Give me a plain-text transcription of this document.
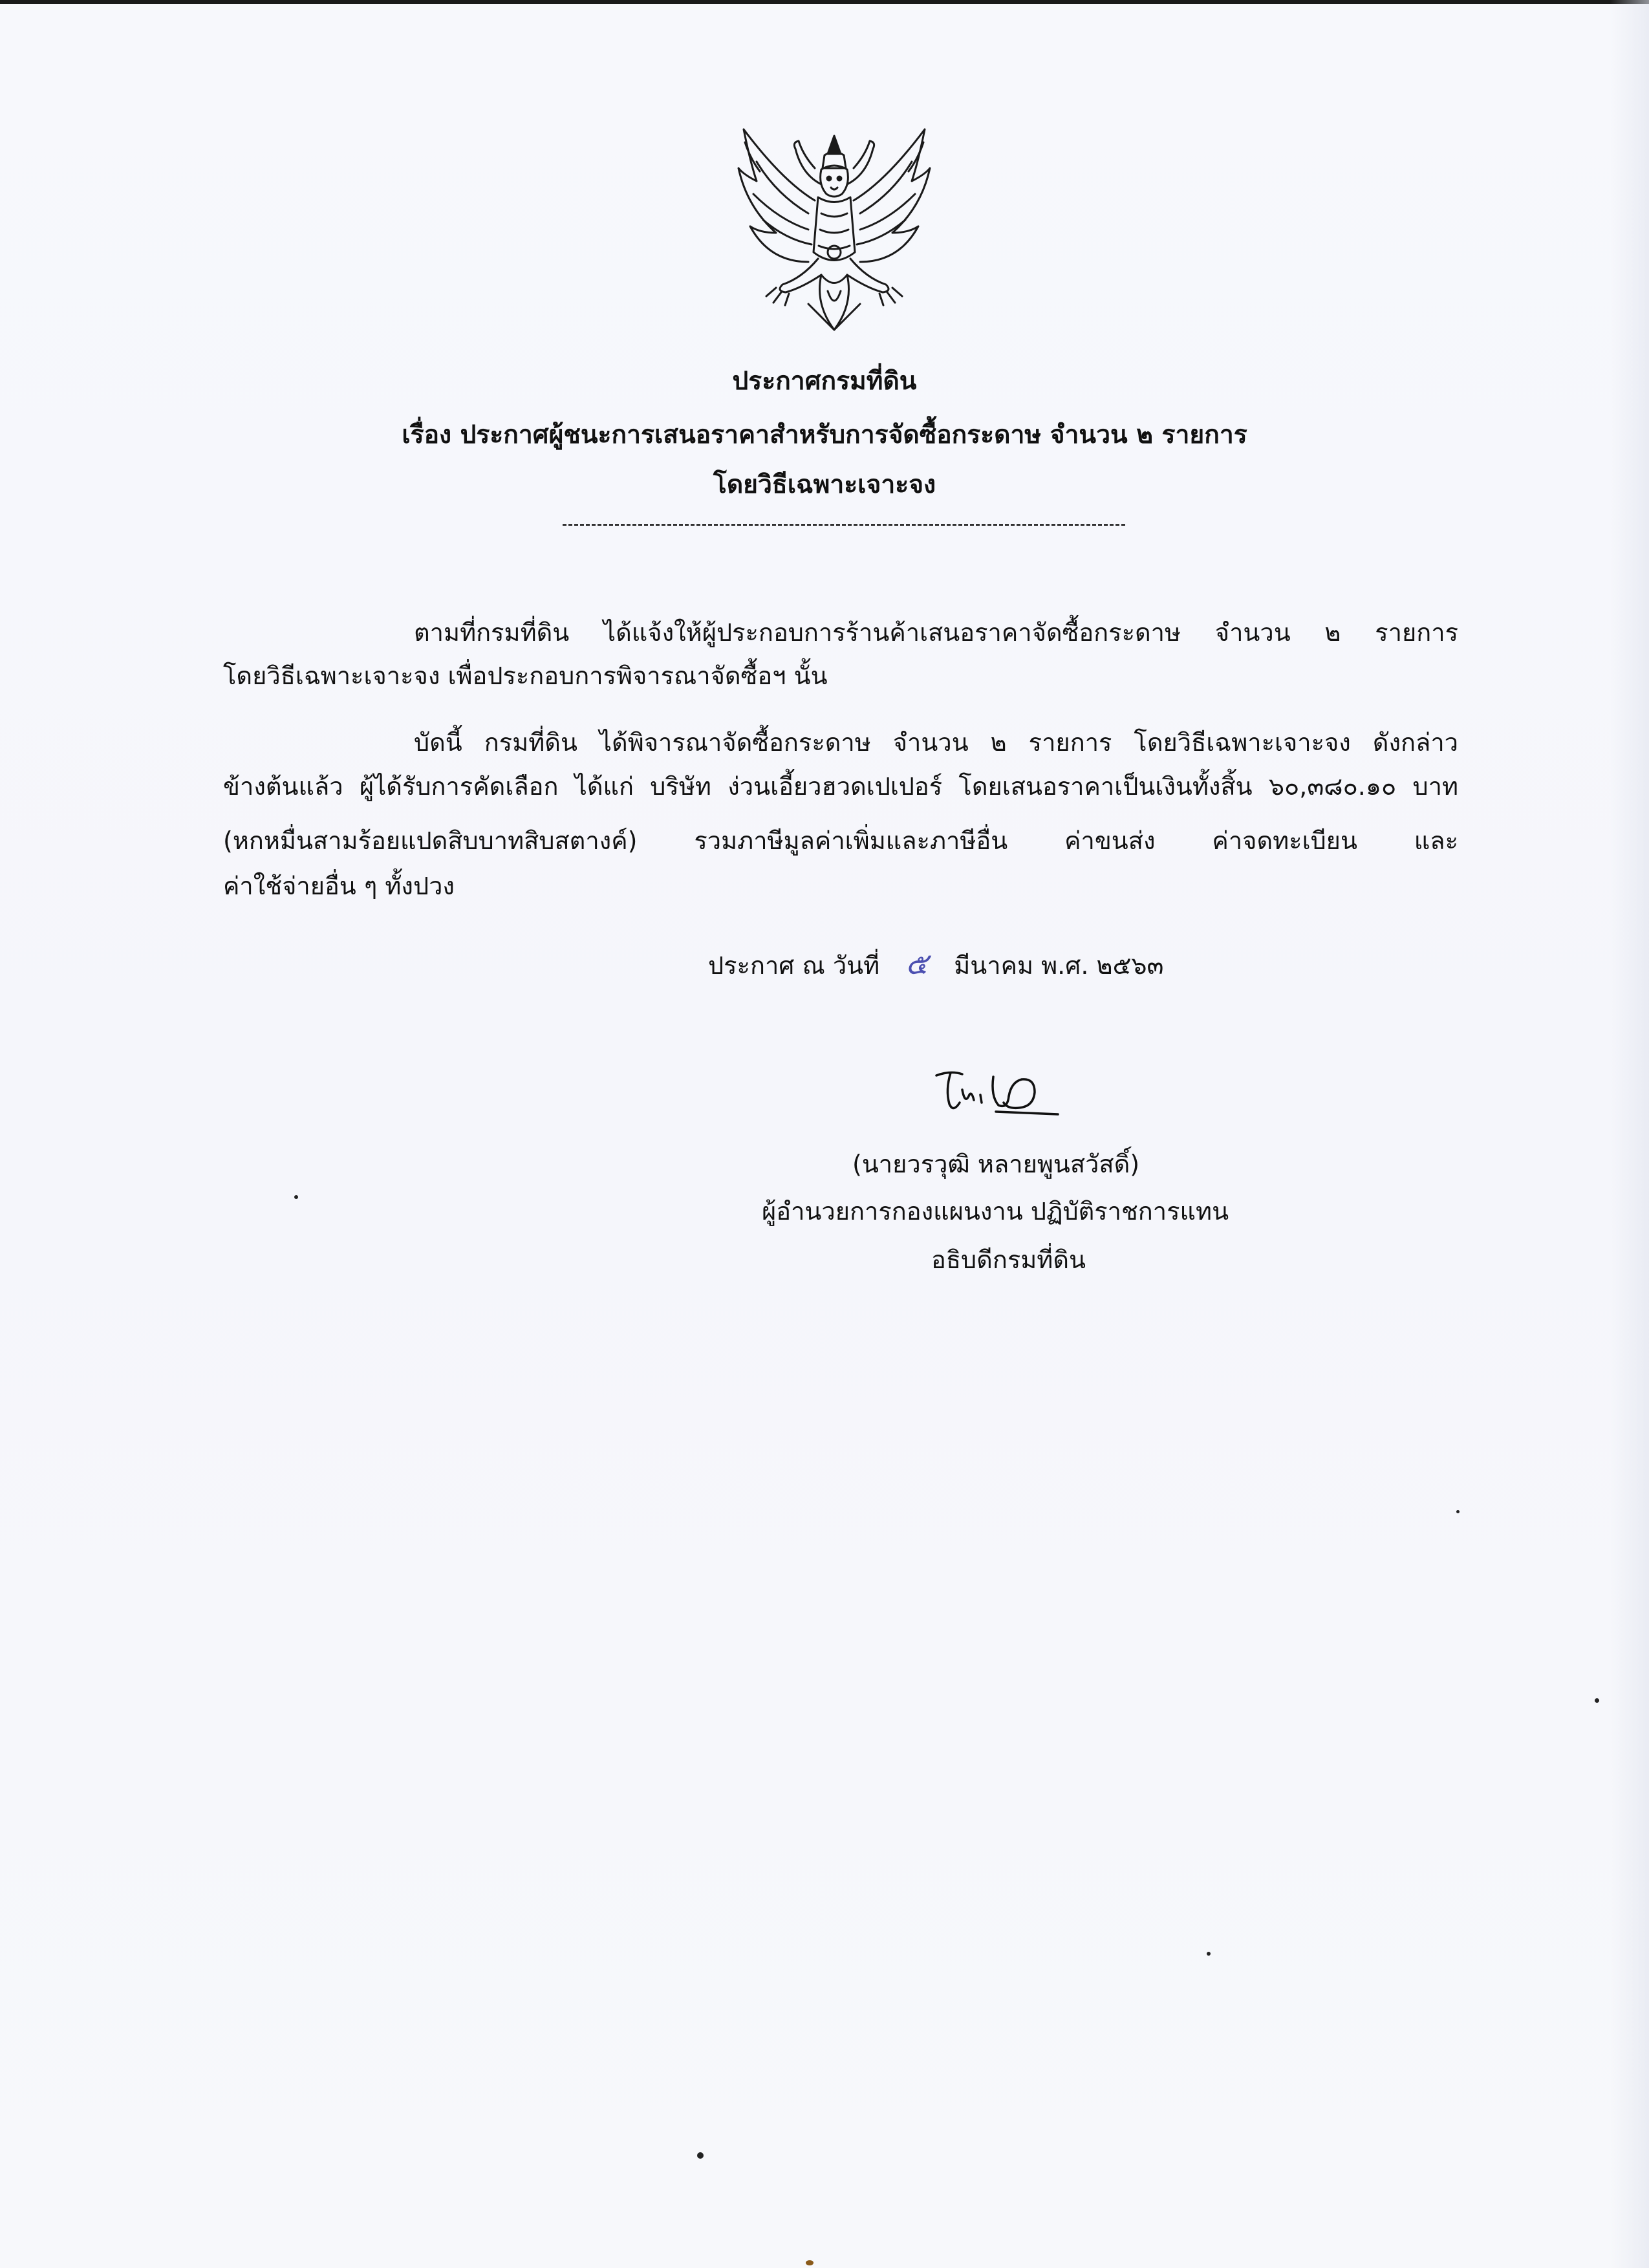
ประกาศกรมที่ดิน
เรื่อง ประกาศผู้ชนะการเสนอราคาสำหรับการจัดซื้อกระดาษ จำนวน ๒ รายการ
โดยวิธีเฉพาะเจาะจง
ตามที่กรมที่ดิน ได้แจ้งให้ผู้ประกอบการร้านค้าเสนอราคาจัดซื้อกระดาษ จำนวน ๒ รายการ
โดยวิธีเฉพาะเจาะจง เพื่อประกอบการพิจารณาจัดซื้อฯ นั้น
บัดนี้ กรมที่ดิน ได้พิจารณาจัดซื้อกระดาษ จำนวน ๒ รายการ โดยวิธีเฉพาะเจาะจง ดังกล่าว
ข้างต้นแล้ว ผู้ได้รับการคัดเลือก ได้แก่ บริษัท ง่วนเอี้ยวฮวดเปเปอร์ โดยเสนอราคาเป็นเงินทั้งสิ้น ๖๐,๓๘๐.๑๐ บาท
(หกหมื่นสามร้อยแปดสิบบาทสิบสตางค์) รวมภาษีมูลค่าเพิ่มและภาษีอื่น ค่าขนส่ง ค่าจดทะเบียน และ
ค่าใช้จ่ายอื่น ๆ ทั้งปวง
ประกาศ ณ วันที่ ๕ มีนาคม พ.ศ. ๒๕๖๓
(นายวรวุฒิ หลายพูนสวัสดิ์)
ผู้อำนวยการกองแผนงาน ปฏิบัติราชการแทน
อธิบดีกรมที่ดิน
